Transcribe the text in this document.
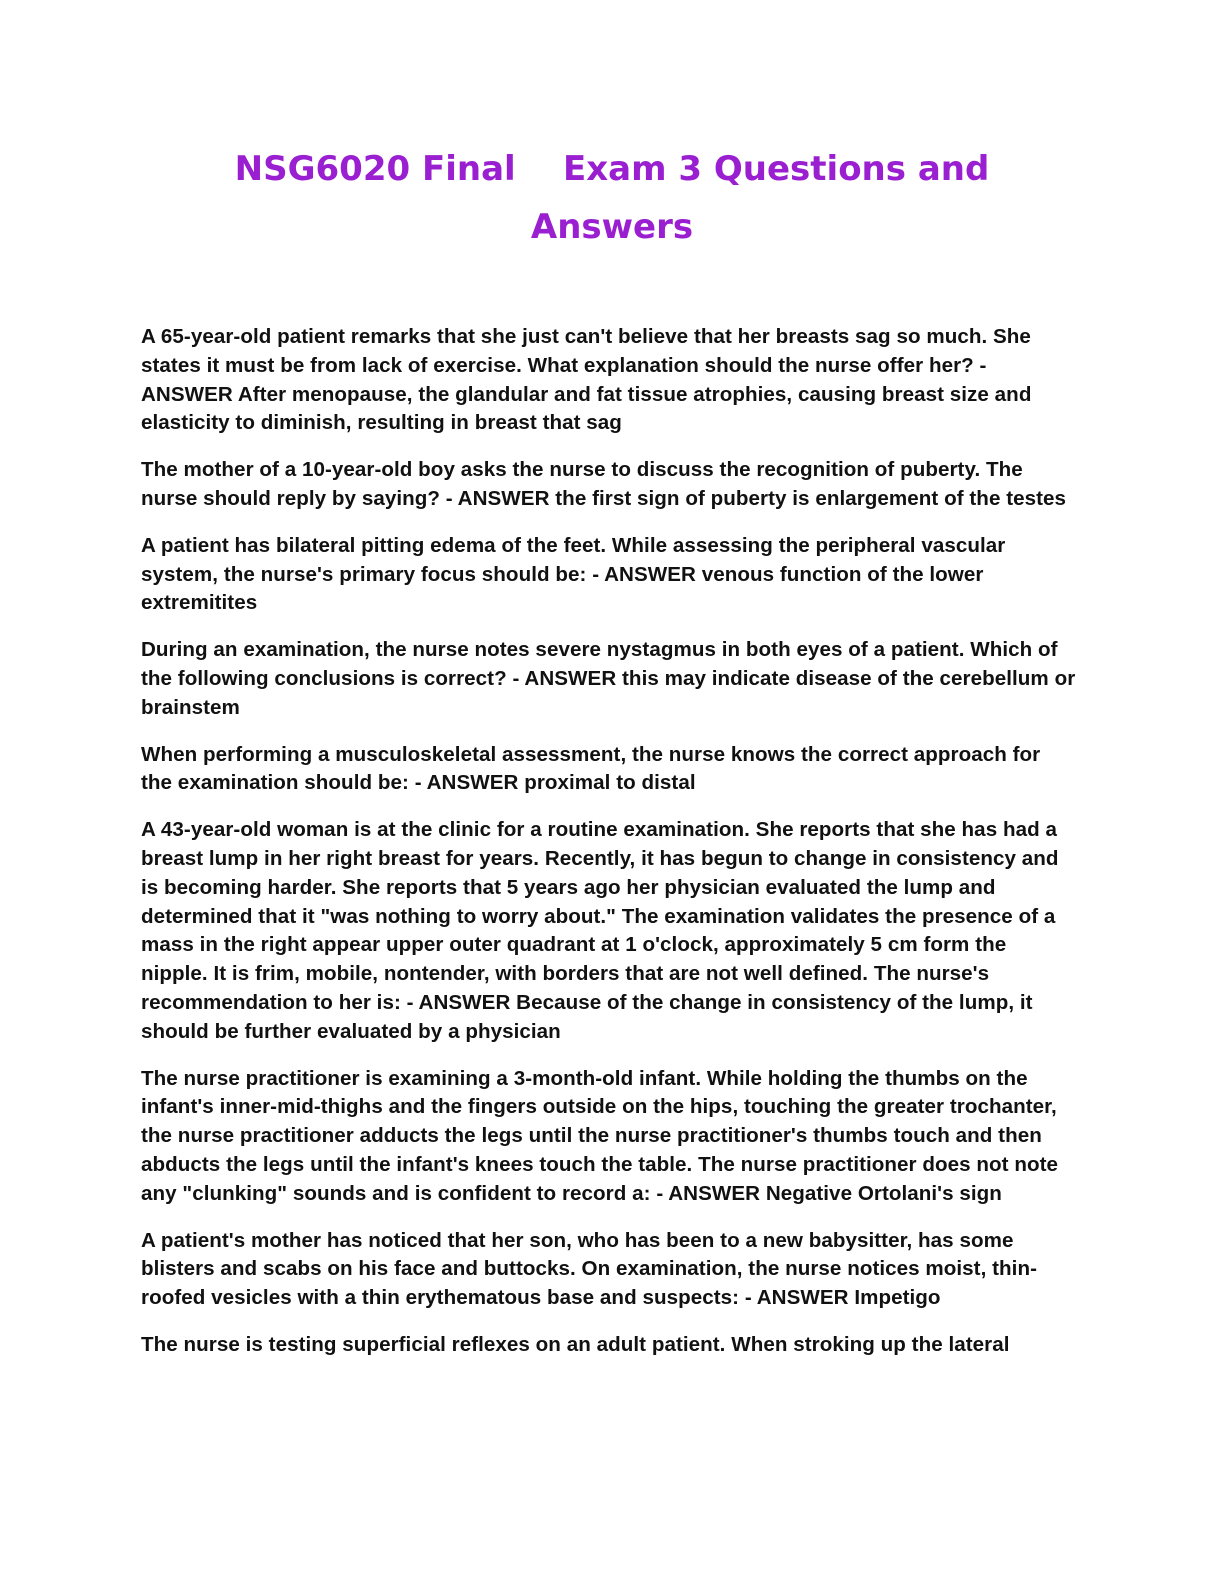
NSG6020 Final    Exam 3 Questions and
Answers

A 65-year-old patient remarks that she just can't believe that her breasts sag so much. She states it must be from lack of exercise. What explanation should the nurse offer her? - ANSWER After menopause, the glandular and fat tissue atrophies, causing breast size and elasticity to diminish, resulting in breast that sag

The mother of a 10-year-old boy asks the nurse to discuss the recognition of puberty. The nurse should reply by saying? - ANSWER the first sign of puberty is enlargement of the testes

A patient has bilateral pitting edema of the feet. While assessing the peripheral vascular system, the nurse's primary focus should be: - ANSWER venous function of the lower extremitites

During an examination, the nurse notes severe nystagmus in both eyes of a patient. Which of the following conclusions is correct? - ANSWER this may indicate disease of the cerebellum or brainstem

When performing a musculoskeletal assessment, the nurse knows the correct approach for the examination should be: - ANSWER proximal to distal

A 43-year-old woman is at the clinic for a routine examination. She reports that she has had a breast lump in her right breast for years. Recently, it has begun to change in consistency and is becoming harder. She reports that 5 years ago her physician evaluated the lump and determined that it "was nothing to worry about." The examination validates the presence of a mass in the right appear upper outer quadrant at 1 o'clock, approximately 5 cm form the nipple. It is frim, mobile, nontender, with borders that are not well defined. The nurse's recommendation to her is: - ANSWER Because of the change in consistency of the lump, it should be further evaluated by a physician

The nurse practitioner is examining a 3-month-old infant. While holding the thumbs on the infant's inner-mid-thighs and the fingers outside on the hips, touching the greater trochanter, the nurse practitioner adducts the legs until the nurse practitioner's thumbs touch and then abducts the legs until the infant's knees touch the table. The nurse practitioner does not note any "clunking" sounds and is confident to record a: - ANSWER Negative Ortolani's sign

A patient's mother has noticed that her son, who has been to a new babysitter, has some blisters and scabs on his face and buttocks. On examination, the nurse notices moist, thin-roofed vesicles with a thin erythematous base and suspects: - ANSWER Impetigo

The nurse is testing superficial reflexes on an adult patient. When stroking up the lateral
